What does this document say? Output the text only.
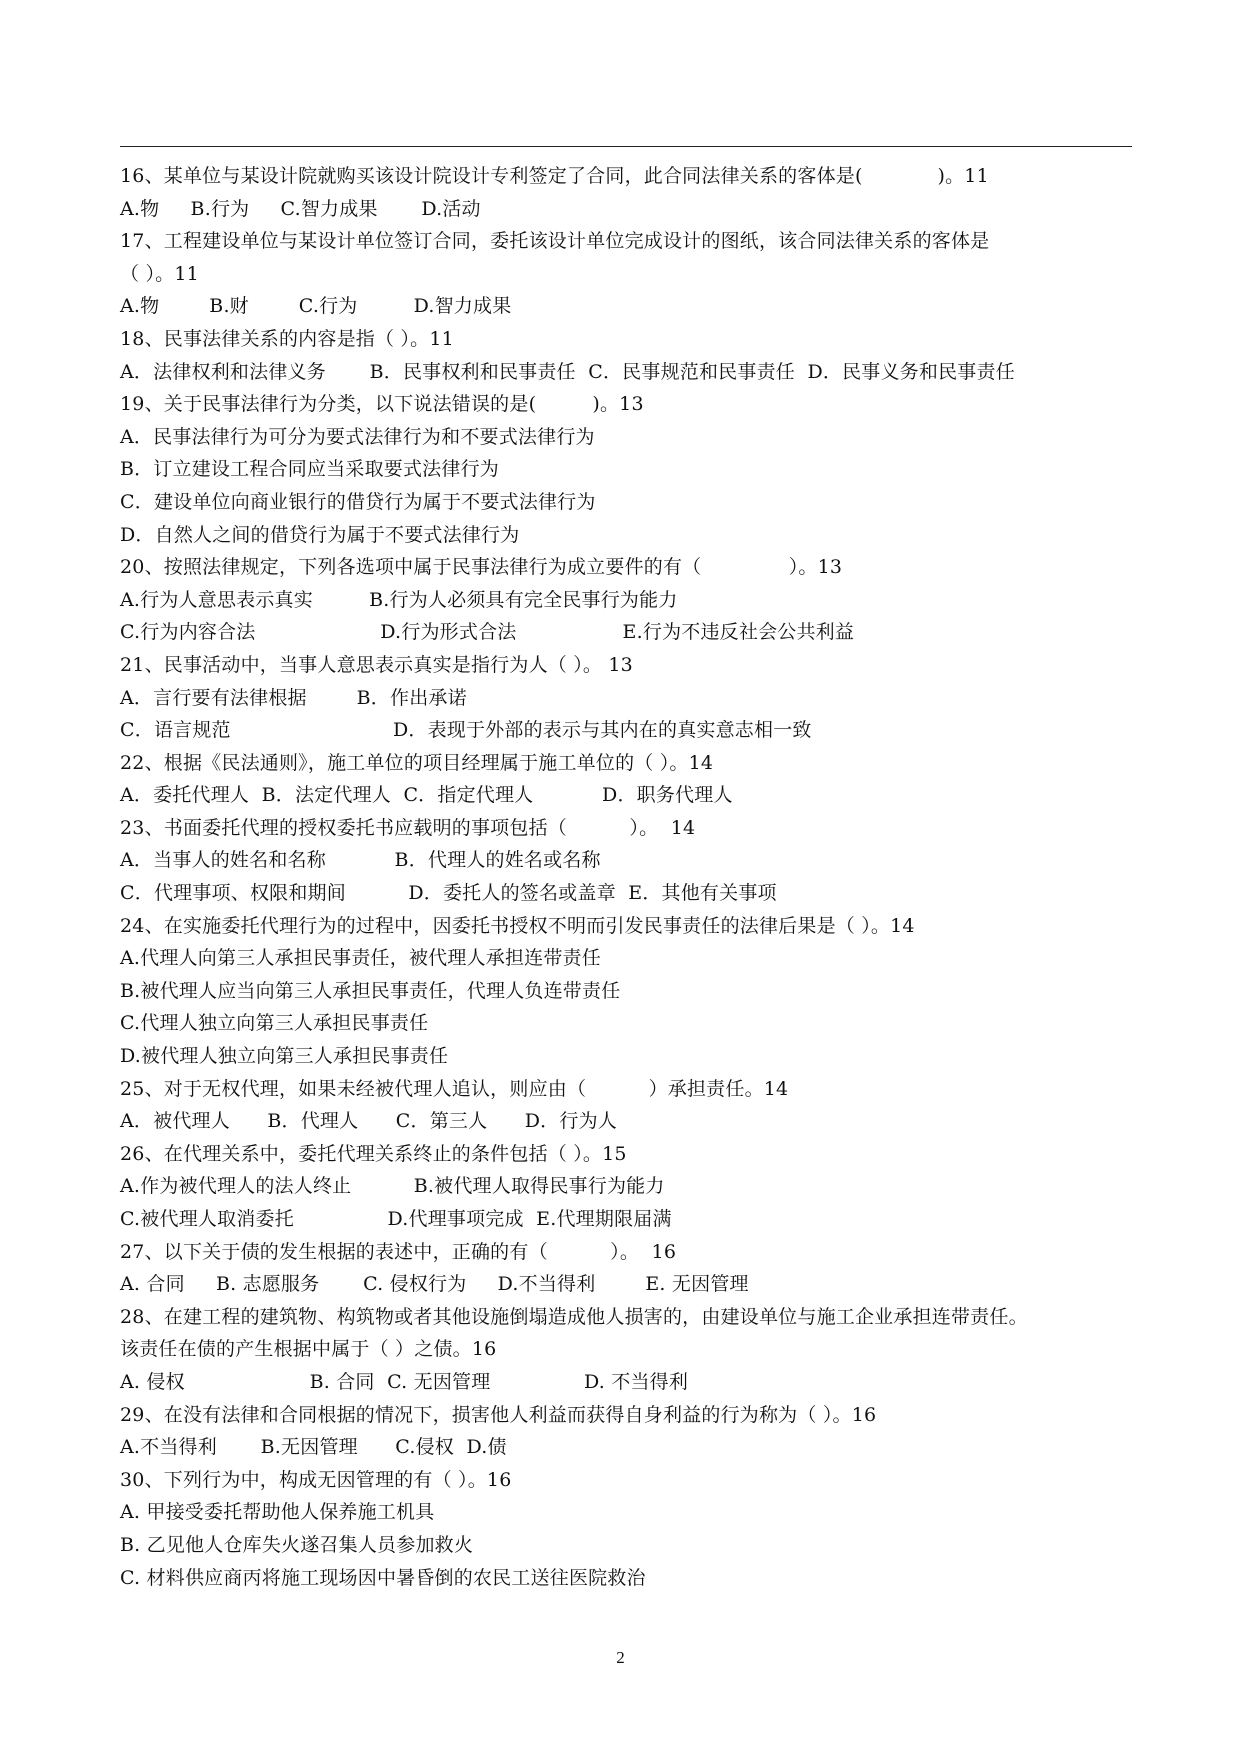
16、某单位与某设计院就购买该设计院设计专利签定了合同，此合同法律关系的客体是(            )。11
A.物     B.行为     C.智力成果       D.活动
17、工程建设单位与某设计单位签订合同，委托该设计单位完成设计的图纸，该合同法律关系的客体是
（ ）。11
A.物        B.财        C.行为         D.智力成果
18、民事法律关系的内容是指（ ）。11
A．法律权利和法律义务       B．民事权利和民事责任  C．民事规范和民事责任  D．民事义务和民事责任
19、关于民事法律行为分类，以下说法错误的是(         )。13
A．民事法律行为可分为要式法律行为和不要式法律行为
B．订立建设工程合同应当采取要式法律行为
C．建设单位向商业银行的借贷行为属于不要式法律行为
D．自然人之间的借贷行为属于不要式法律行为
20、按照法律规定，下列各选项中属于民事法律行为成立要件的有（              ）。13
A.行为人意思表示真实         B.行为人必须具有完全民事行为能力
C.行为内容合法                    D.行为形式合法                 E.行为不违反社会公共利益
21、民事活动中，当事人意思表示真实是指行为人（ ）。 13
A．言行要有法律根据        B．作出承诺
C．语言规范                          D．表现于外部的表示与其内在的真实意志相一致
22、根据《民法通则》，施工单位的项目经理属于施工单位的（ ）。14
A．委托代理人  B．法定代理人  C．指定代理人           D．职务代理人
23、书面委托代理的授权委托书应载明的事项包括（          ）。  14
A．当事人的姓名和名称           B．代理人的姓名或名称
C．代理事项、权限和期间          D．委托人的签名或盖章  E．其他有关事项
24、在实施委托代理行为的过程中，因委托书授权不明而引发民事责任的法律后果是（ ）。14
A.代理人向第三人承担民事责任，被代理人承担连带责任
B.被代理人应当向第三人承担民事责任，代理人负连带责任
C.代理人独立向第三人承担民事责任
D.被代理人独立向第三人承担民事责任
25、对于无权代理，如果未经被代理人追认，则应由（          ）承担责任。14
A．被代理人      B．代理人      C．第三人      D．行为人
26、在代理关系中，委托代理关系终止的条件包括（ ）。15
A.作为被代理人的法人终止          B.被代理人取得民事行为能力
C.被代理人取消委托               D.代理事项完成  E.代理期限届满
27、以下关于债的发生根据的表述中，正确的有（          ）。  16
A. 合同     B. 志愿服务       C. 侵权行为     D.不当得利        E. 无因管理
28、在建工程的建筑物、构筑物或者其他设施倒塌造成他人损害的，由建设单位与施工企业承担连带责任。
该责任在债的产生根据中属于（ ）之债。16
A. 侵权                    B. 合同  C. 无因管理               D. 不当得利
29、在没有法律和合同根据的情况下，损害他人利益而获得自身利益的行为称为（ ）。16
A.不当得利       B.无因管理      C.侵权  D.债
30、下列行为中，构成无因管理的有（ ）。16
A. 甲接受委托帮助他人保养施工机具
B. 乙见他人仓库失火遂召集人员参加救火
C. 材料供应商丙将施工现场因中暑昏倒的农民工送往医院救治
2
